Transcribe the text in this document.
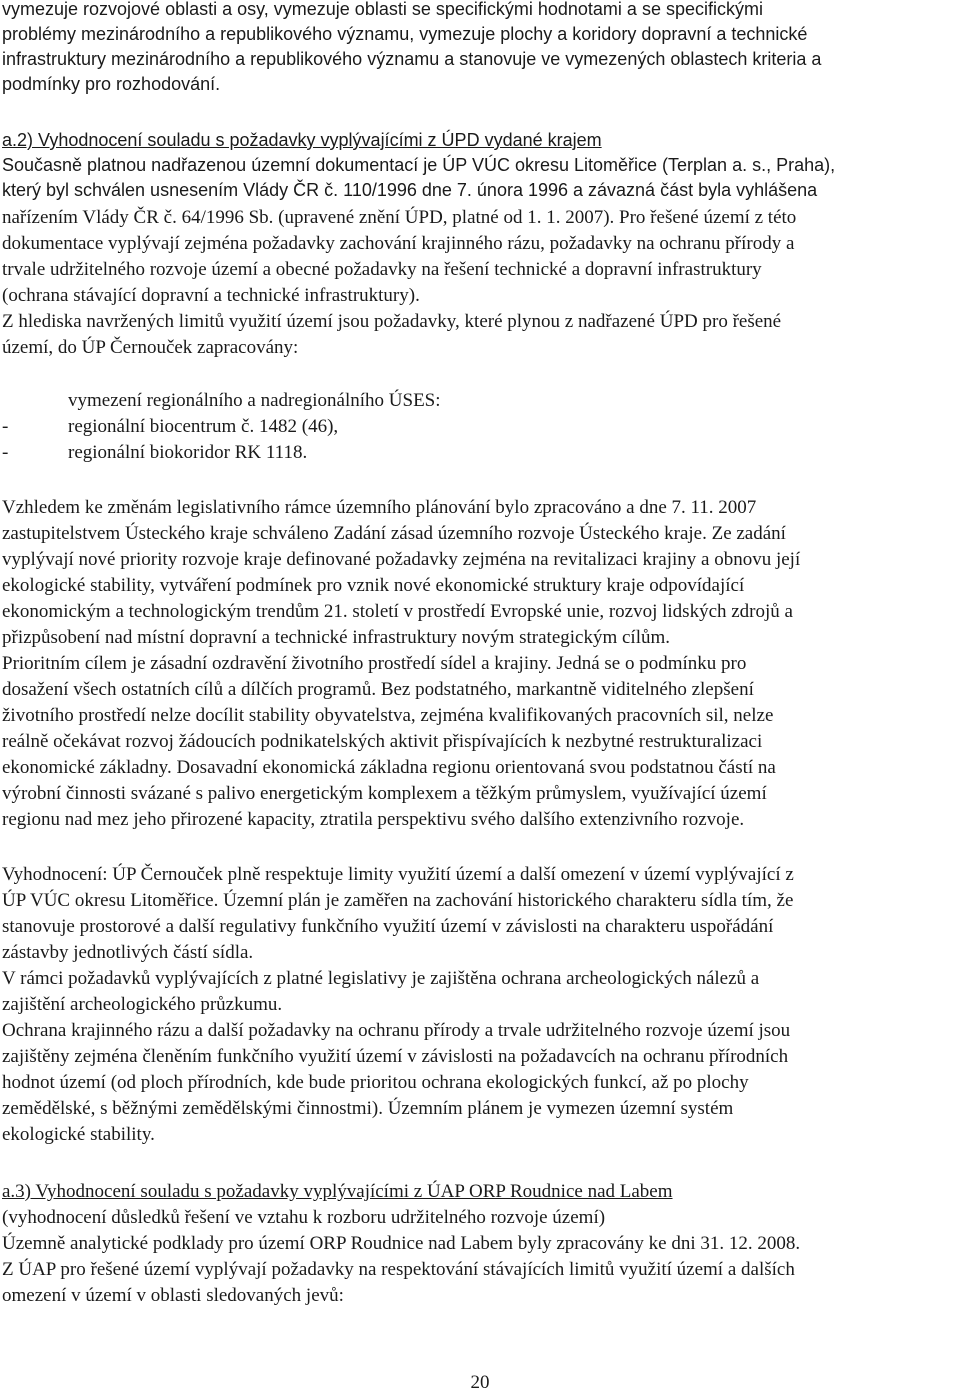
vymezuje rozvojové oblasti a osy, vymezuje oblasti se specifickými hodnotami a se specifickými
problémy mezinárodního a republikového významu, vymezuje plochy a koridory dopravní a technické
infrastruktury mezinárodního a republikového významu a stanovuje ve vymezených oblastech kriteria a
podmínky pro rozhodování.
a.2) Vyhodnocení souladu s požadavky vyplývajícími z ÚPD vydané krajem
Současně platnou nadřazenou územní dokumentací je ÚP VÚC okresu Litoměřice (Terplan a. s., Praha),
který byl schválen usnesením Vlády ČR č. 110/1996 dne 7. února 1996 a závazná část byla vyhlášena
nařízením Vlády ČR č. 64/1996 Sb. (upravené znění ÚPD, platné od 1. 1. 2007). Pro řešené území z této
dokumentace vyplývají zejména požadavky zachování krajinného rázu, požadavky na ochranu přírody a
trvale udržitelného rozvoje území a obecné požadavky na řešení technické a dopravní infrastruktury
(ochrana stávající dopravní a technické infrastruktury).
Z hlediska navržených limitů využití území jsou požadavky, které plynou z nadřazené ÚPD pro řešené
území, do ÚP Černouček zapracovány:
vymezení regionálního a nadregionálního ÚSES:
-	regionální biocentrum č. 1482 (46),
-	regionální biokoridor RK 1118.
Vzhledem ke změnám legislativního rámce územního plánování bylo zpracováno a dne 7. 11. 2007
zastupitelstvem Ústeckého kraje schváleno Zadání zásad územního rozvoje Ústeckého kraje. Ze zadání
vyplývají nové priority rozvoje kraje definované požadavky zejména na revitalizaci krajiny a obnovu její
ekologické stability, vytváření podmínek pro vznik nové ekonomické struktury kraje odpovídající
ekonomickým a technologickým trendům 21. století v prostředí Evropské unie, rozvoj lidských zdrojů a
přizpůsobení nad místní dopravní a technické infrastruktury novým strategickým cílům.
Prioritním cílem je zásadní ozdravění životního prostředí sídel a krajiny. Jedná se o podmínku pro
dosažení všech ostatních cílů a dílčích programů. Bez podstatného, markantně viditelného zlepšení
životního prostředí nelze docílit stability obyvatelstva, zejména kvalifikovaných pracovních sil, nelze
reálně očekávat rozvoj žádoucích podnikatelských aktivit přispívajících k nezbytné restrukturalizaci
ekonomické základny. Dosavadní ekonomická základna regionu orientovaná svou podstatnou částí na
výrobní činnosti svázané s palivo energetickým komplexem a těžkým průmyslem, využívající území
regionu nad mez jeho přirozené kapacity, ztratila perspektivu svého dalšího extenzivního rozvoje.
Vyhodnocení: ÚP Černouček plně respektuje limity využití území a další omezení v území vyplývající z
ÚP VÚC okresu Litoměřice. Územní plán je zaměřen na zachování historického charakteru sídla tím, že
stanovuje prostorové a další regulativy funkčního využití území v závislosti na charakteru uspořádání
zástavby jednotlivých částí sídla.
V rámci požadavků vyplývajících z platné legislativy je zajištěna ochrana archeologických nálezů a
zajištění archeologického průzkumu.
Ochrana krajinného rázu a další požadavky na ochranu přírody a trvale udržitelného rozvoje území jsou
zajištěny zejména členěním funkčního využití území v závislosti na požadavcích na ochranu přírodních
hodnot území (od ploch přírodních, kde bude prioritou ochrana ekologických funkcí, až po plochy
zemědělské, s běžnými zemědělskými činnostmi). Územním plánem je vymezen územní systém
ekologické stability.
a.3) Vyhodnocení souladu s požadavky vyplývajícími z ÚAP ORP Roudnice nad Labem
(vyhodnocení důsledků řešení ve vztahu k rozboru udržitelného rozvoje území)
Územně analytické podklady pro území ORP Roudnice nad Labem byly zpracovány ke dni 31. 12. 2008.
Z ÚAP pro řešené území vyplývají požadavky na respektování stávajících limitů využití území a dalších
omezení v území v oblasti sledovaných jevů:
20
